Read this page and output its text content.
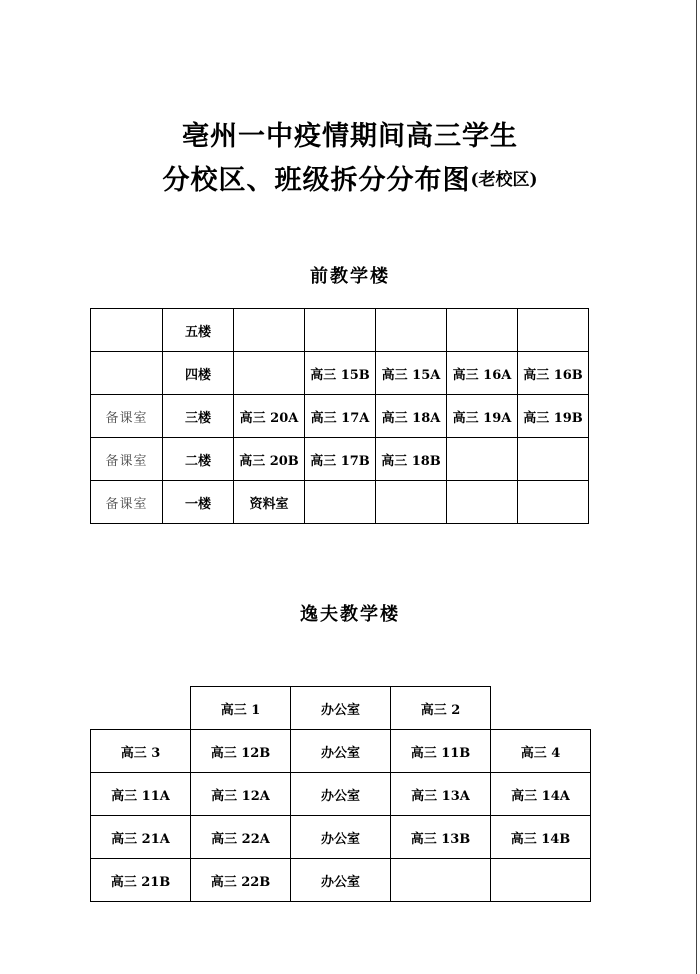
亳州一中疫情期间高三学生
分校区、班级拆分分布图(老校区)
前教学楼
	五楼					
	四楼		高三 15B	高三 15A	高三 16A	高三 16B
备课室	三楼	高三 20A	高三 17A	高三 18A	高三 19A	高三 19B
备课室	二楼	高三 20B	高三 17B	高三 18B		
备课室	一楼	资料室				
逸夫教学楼
	高三 1	办公室	高三 2	
高三 3	高三 12B	办公室	高三 11B	高三 4
高三 11A	高三 12A	办公室	高三 13A	高三 14A
高三 21A	高三 22A	办公室	高三 13B	高三 14B
高三 21B	高三 22B	办公室		
